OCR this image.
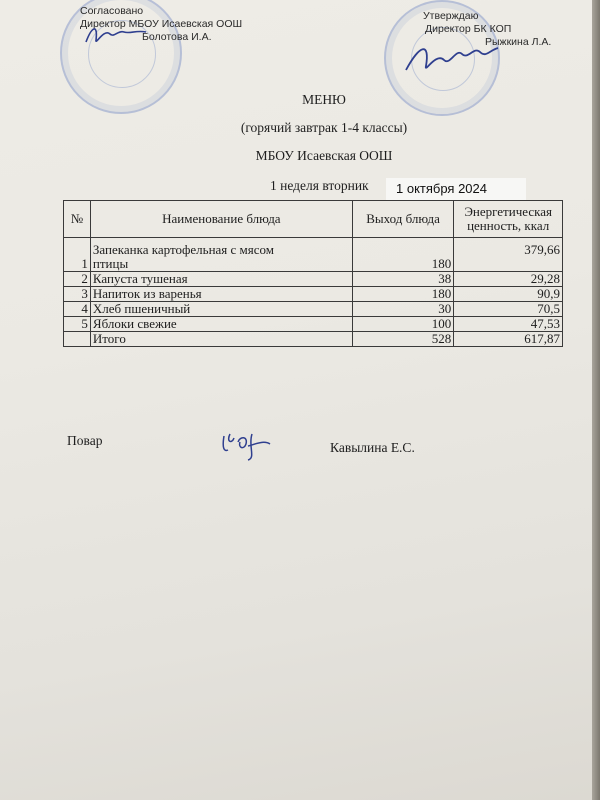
Согласовано
Директор МБОУ Исаевская ООШ
Болотова И.А.
Утверждаю
Директор БК КОП
Рыжкина Л.А.
МЕНЮ
(горячий завтрак 1-4 классы)
МБОУ Исаевская ООШ
1 неделя вторник	1 октября 2024
№	Наименование блюда	Выход блюда	Энергетическая
ценность, ккал

1	Запеканка картофельная с мясом
птицы	180	379,66
2	Капуста тушеная	38	29,28
3	Напиток из варенья	180	90,9
4	Хлеб пшеничный	30	70,5
5	Яблоки свежие	100	47,53
	Итого	528	617,87
Повар	Кавылина Е.С.
